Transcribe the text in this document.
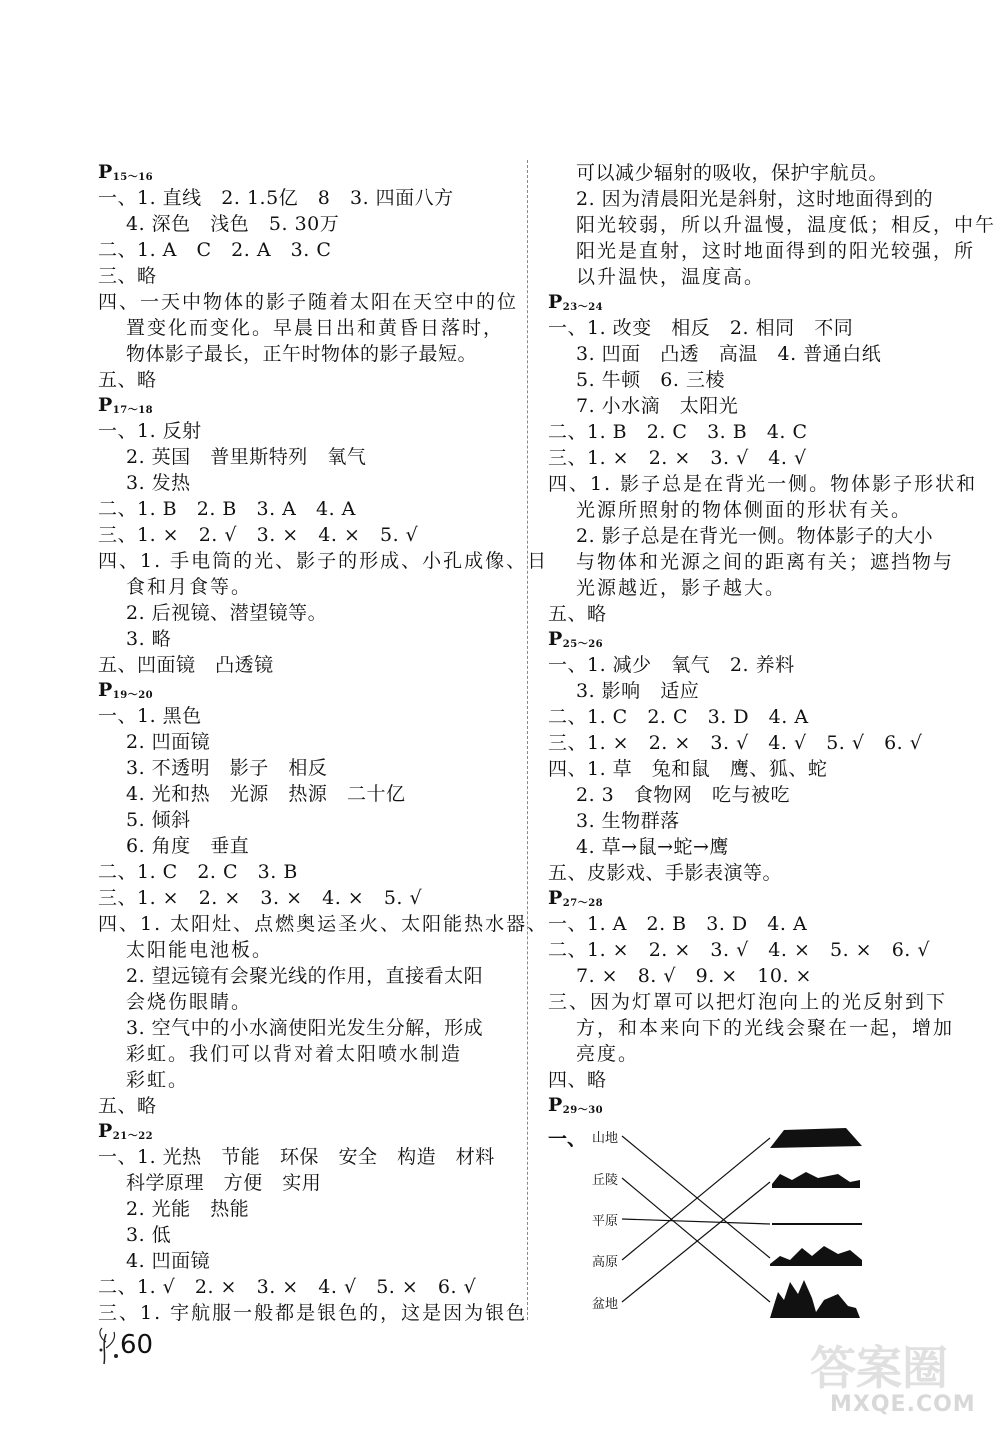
$P_{15\sim 16}$
一、1. 直线   2. 1.5亿   8   3. 四面八方
4. 深色   浅色   5. 30万
二、1. A   C   2. A   3. C
三、略
四、一天中物体的影子随着太阳在天空中的位
置变化而变化。早晨日出和黄昏日落时，
物体影子最长，正午时物体的影子最短。
五、略
$P_{17\sim 18}$
一、1. 反射
2. 英国   普里斯特列   氧气
3. 发热
二、1. B   2. B   3. A   4. A
三、1. ×   2. √   3. ×   4. ×   5. √
四、1. 手电筒的光、影子的形成、小孔成像、日
食和月食等。
2. 后视镜、潜望镜等。
3. 略
五、凹面镜   凸透镜
$P_{19\sim 20}$
一、1. 黑色
2. 凹面镜
3. 不透明   影子   相反
4. 光和热   光源   热源   二十亿
5. 倾斜
6. 角度   垂直
二、1. C   2. C   3. B
三、1. ×   2. ×   3. ×   4. ×   5. √
四、1. 太阳灶、点燃奥运圣火、太阳能热水器、
太阳能电池板。
2. 望远镜有会聚光线的作用，直接看太阳
会烧伤眼睛。
3. 空气中的小水滴使阳光发生分解，形成
彩虹。我们可以背对着太阳喷水制造
彩虹。
五、略
$P_{21\sim 22}$
一、1. 光热   节能   环保   安全   构造   材料
科学原理   方便   实用
2. 光能   热能
3. 低
4. 凹面镜
二、1. √   2. ×   3. ×   4. √   5. ×   6. √
三、1. 宇航服一般都是银色的，这是因为银色
可以减少辐射的吸收，保护宇航员。
2. 因为清晨阳光是斜射，这时地面得到的
阳光较弱，所以升温慢，温度低；相反，中午
阳光是直射，这时地面得到的阳光较强，所
以升温快，温度高。
$P_{23\sim 24}$
一、1. 改变   相反   2. 相同   不同
3. 凹面   凸透   高温   4. 普通白纸
5. 牛顿   6. 三棱
7. 小水滴   太阳光
二、1. B   2. C   3. B   4. C
三、1. ×   2. ×   3. √   4. √
四、1. 影子总是在背光一侧。物体影子形状和
光源所照射的物体侧面的形状有关。
2. 影子总是在背光一侧。物体影子的大小
与物体和光源之间的距离有关；遮挡物与
光源越近，影子越大。
五、略
$P_{25\sim 26}$
一、1. 减少   氧气   2. 养料
3. 影响   适应
二、1. C   2. C   3. D   4. A
三、1. ×   2. ×   3. √   4. √   5. √   6. √
四、1. 草   兔和鼠   鹰、狐、蛇
2. 3   食物网   吃与被吃
3. 生物群落
4. 草→鼠→蛇→鹰
五、皮影戏、手影表演等。
$P_{27\sim 28}$
一、1. A   2. B   3. D   4. A
二、1. ×   2. ×   3. √   4. ×   5. ×   6. √
7. ×   8. √   9. ×   10. ×
三、因为灯罩可以把灯泡向上的光反射到下
方，和本来向下的光线会聚在一起，增加
亮度。
四、略
$P_{29\sim 30}$
一、 山地
丘陵
平原
高原
盆地
60	答案圈
MXQE.COM
